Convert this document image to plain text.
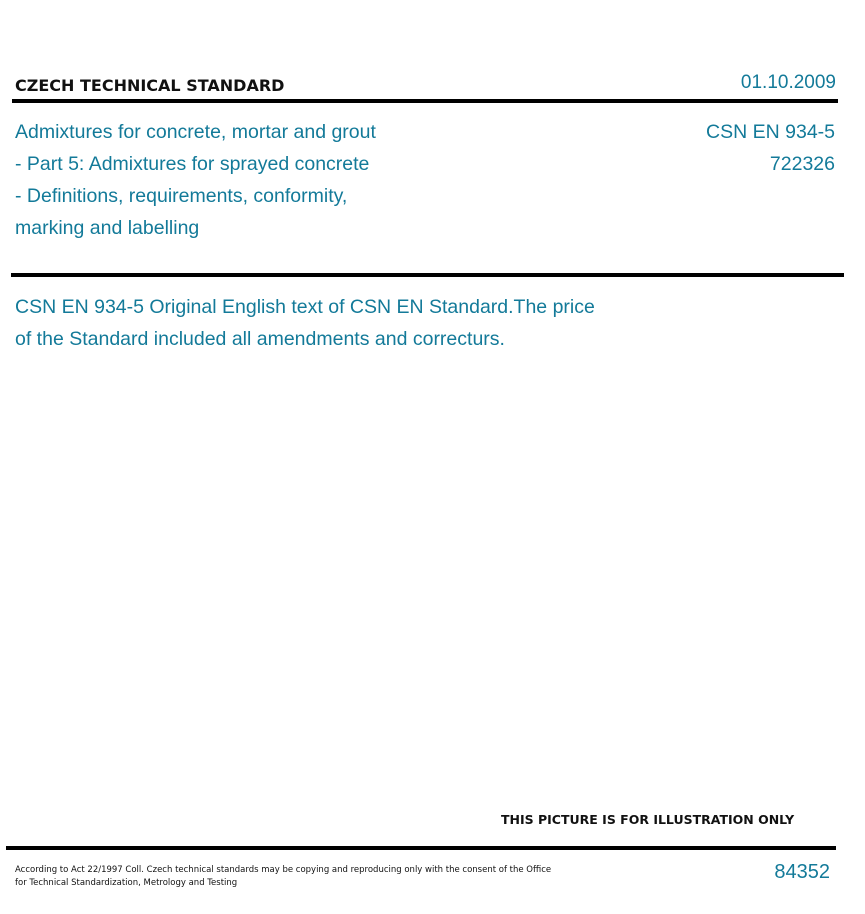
CZECH TECHNICAL STANDARD	01.10.2009
Admixtures for concrete, mortar and grout
- Part 5: Admixtures for sprayed concrete
- Definitions, requirements, conformity,
marking and labelling
CSN EN 934-5
722326
CSN EN 934-5 Original English text of CSN EN Standard.The price
of the Standard included all amendments and correcturs.
THIS PICTURE IS FOR ILLUSTRATION ONLY
According to Act 22/1997 Coll. Czech technical standards may be copying and reproducing only with the consent of the Office
for Technical Standardization, Metrology and Testing	84352
